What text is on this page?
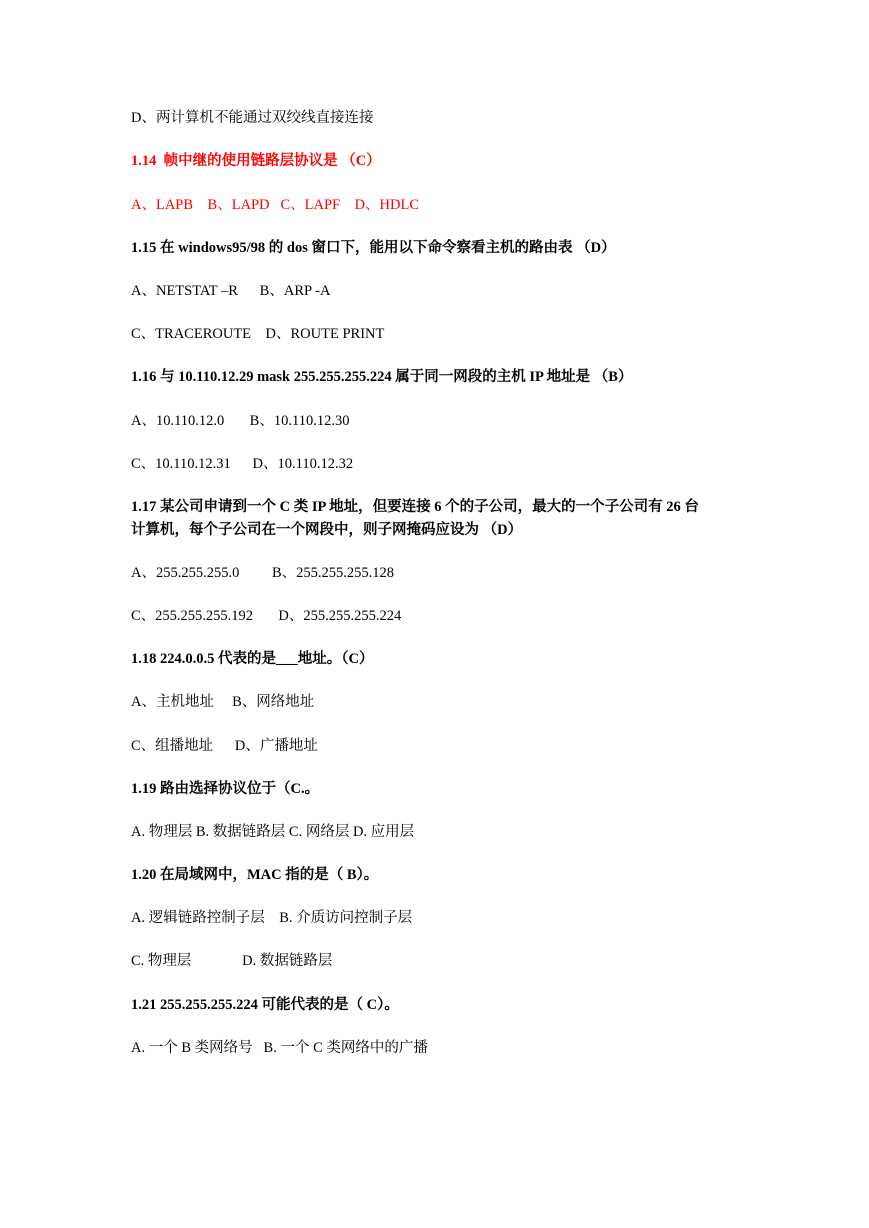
D、两计算机不能通过双绞线直接连接
1.14  帧中继的使用链路层协议是 （C）
A、LAPB    B、LAPD   C、LAPF    D、HDLC
1.15 在 windows95/98 的 dos 窗口下，能用以下命令察看主机的路由表 （D）
A、NETSTAT –R      B、ARP -A
C、TRACEROUTE    D、ROUTE PRINT
1.16 与 10.110.12.29 mask 255.255.255.224 属于同一网段的主机 IP 地址是 （B）
A、10.110.12.0       B、10.110.12.30
C、10.110.12.31      D、10.110.12.32
1.17 某公司申请到一个 C 类 IP 地址，但要连接 6 个的子公司，最大的一个子公司有 26 台
计算机，每个子公司在一个网段中，则子网掩码应设为 （D）
A、255.255.255.0         B、255.255.255.128
C、255.255.255.192       D、255.255.255.224
1.18 224.0.0.5 代表的是___地址。（C）
A、主机地址     B、网络地址
C、组播地址      D、广播地址
1.19 路由选择协议位于（C.。
A. 物理层 B. 数据链路层 C. 网络层 D. 应用层
1.20 在局域网中，MAC 指的是（ B）。
A. 逻辑链路控制子层    B. 介质访问控制子层
C. 物理层              D. 数据链路层
1.21 255.255.255.224 可能代表的是（ C）。
A. 一个 B 类网络号   B. 一个 C 类网络中的广播
